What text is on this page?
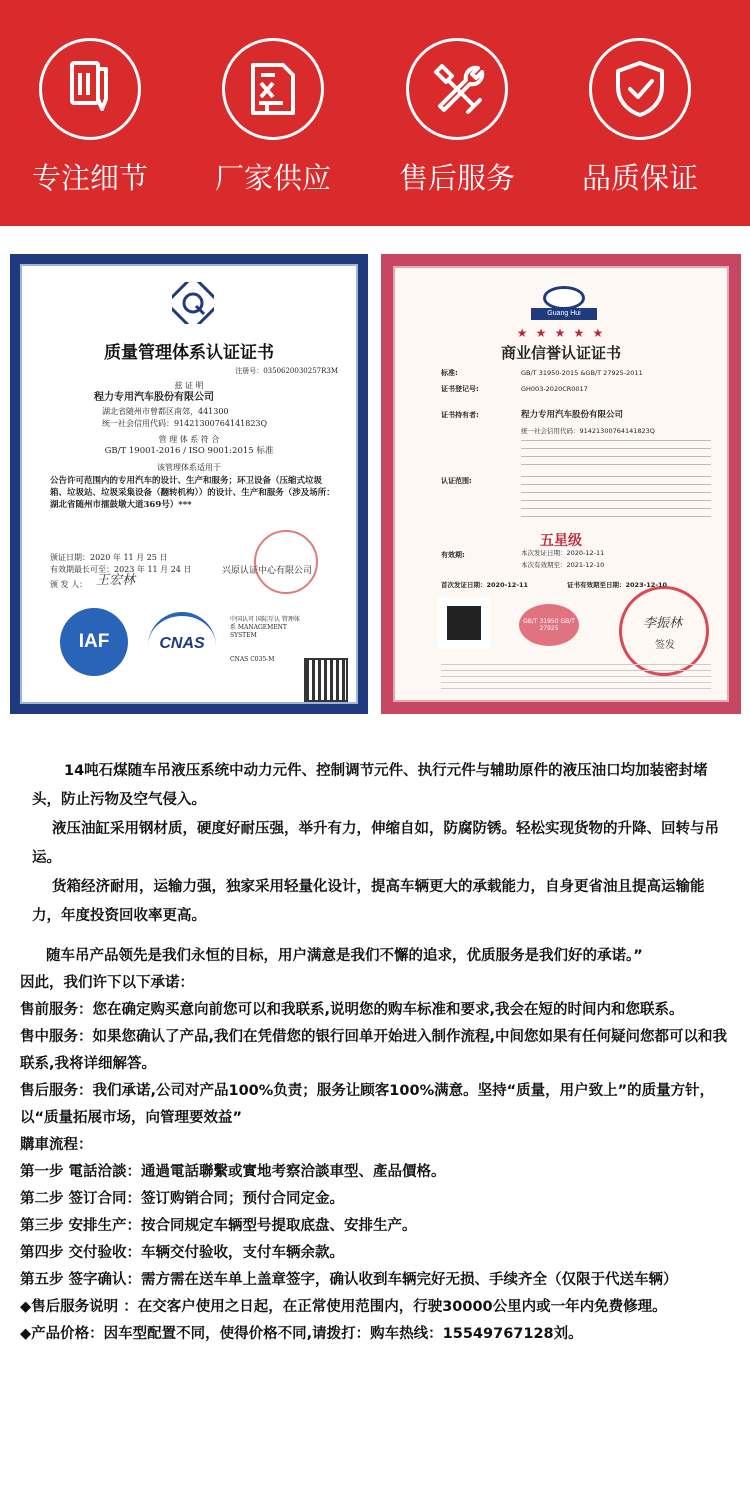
专注细节	厂家供应	售后服务	品质保证
质量管理体系认证证书
注册号：0350620030257R3M
兹 证 明
程力专用汽车股份有限公司
湖北省随州市曾都区南郊，441300
统一社会信用代码：91421300764141823Q
管 理 体 系 符 合
GB/T 19001-2016 / ISO 9001:2015 标准
该管理体系适用于
公告许可范围内的专用汽车的设计、生产和服务；环卫设备（压缩式垃圾箱、垃圾站、垃圾采集设备（翻转机构））的设计、生产和服务（涉及场所：湖北省随州市擂鼓墩大道369号）***
颁证日期：2020 年 11 月 25 日
有效期最长可至：2023 年 11 月 24 日
颁 发 人： 王宏林
兴原认证中心有限公司
IAF	CNAS
中国认可 国际互认 管理体系 MANAGEMENT SYSTEM
CNAS C035-M
Guang Hui
★ ★ ★ ★ ★
商业信誉认证证书
标准:	GB/T 31950-2015 &GB/T 27925-2011
证书登记号:	GH003-2020CR0017
证书持有者:	程力专用汽车股份有限公司
统一社会信用代码：91421300764141823Q
认证范围:
五星级
有效期:	本次发证日期：2020-12-11
本次有效期至：2021-12-10
首次发证日期：2020-12-11	证书有效期至日期：2023-12-10
GB/T 31950 GB/T 27925	李振林
签发

14吨石煤随车吊液压系统中动力元件、控制调节元件、执行元件与辅助原件的液压油口均加装密封堵头，防止污物及空气侵入。

液压油缸采用钢材质，硬度好耐压强，举升有力，伸缩自如，防腐防锈。轻松实现货物的升降、回转与吊运。

货箱经济耐用，运输力强，独家采用轻量化设计，提高车辆更大的承载能力，自身更省油且提高运输能力，年度投资回收率更高。

随车吊产品领先是我们永恒的目标，用户满意是我们不懈的追求，优质服务是我们好的承诺。”

因此，我们许下以下承诺：

售前服务：您在确定购买意向前您可以和我联系,说明您的购车标准和要求,我会在短的时间内和您联系。

售中服务：如果您确认了产品,我们在凭借您的银行回单开始进入制作流程,中间您如果有任何疑问您都可以和我联系,我将详细解答。

售后服务：我们承诺,公司对产品100%负责；服务让顾客100%满意。坚持“质量，用户致上”的质量方针，以“质量拓展市场，向管理要效益”

購車流程：

第一步 電話洽談：通過電話聯繫或實地考察洽談車型、產品價格。

第二步 签订合同：签订购销合同；预付合同定金。

第三步 安排生产：按合同规定车辆型号提取底盘、安排生产。

第四步 交付验收：车辆交付验收，支付车辆余款。

第五步 签字确认：需方需在送车单上盖章签字，确认收到车辆完好无损、手续齐全（仅限于代送车辆）

◆售后服务说明 ：在交客户使用之日起，在正常使用范围内，行驶30000公里内或一年内免费修理。

◆产品价格：因车型配置不同，使得价格不同,请拨打：购车热线：15549767128刘。
